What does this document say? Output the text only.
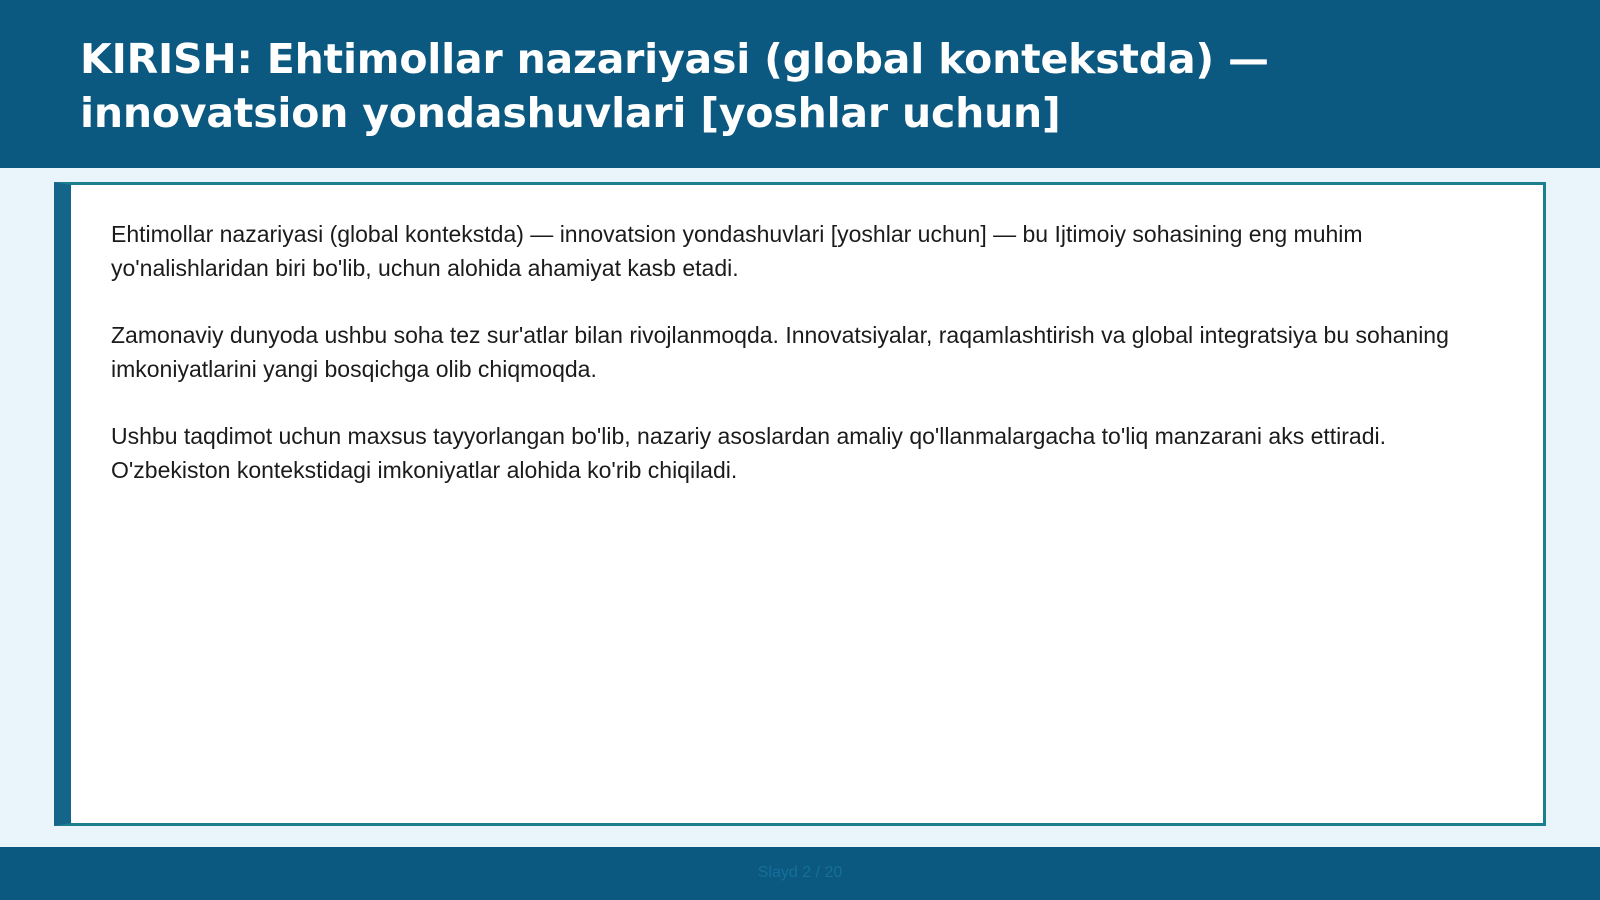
KIRISH: Ehtimollar nazariyasi (global kontekstda) — innovatsion yondashuvlari [yoshlar uchun]

Ehtimollar nazariyasi (global kontekstda) — innovatsion yondashuvlari [yoshlar uchun] — bu Ijtimoiy sohasining eng muhim yo'nalishlaridan biri bo'lib, uchun alohida ahamiyat kasb etadi.

Zamonaviy dunyoda ushbu soha tez sur'atlar bilan rivojlanmoqda. Innovatsiyalar, raqamlashtirish va global integratsiya bu sohaning imkoniyatlarini yangi bosqichga olib chiqmoqda.

Ushbu taqdimot uchun maxsus tayyorlangan bo'lib, nazariy asoslardan amaliy qo'llanmalargacha to'liq manzarani aks ettiradi. O'zbekiston kontekstidagi imkoniyatlar alohida ko'rib chiqiladi.

Slayd 2 / 20
